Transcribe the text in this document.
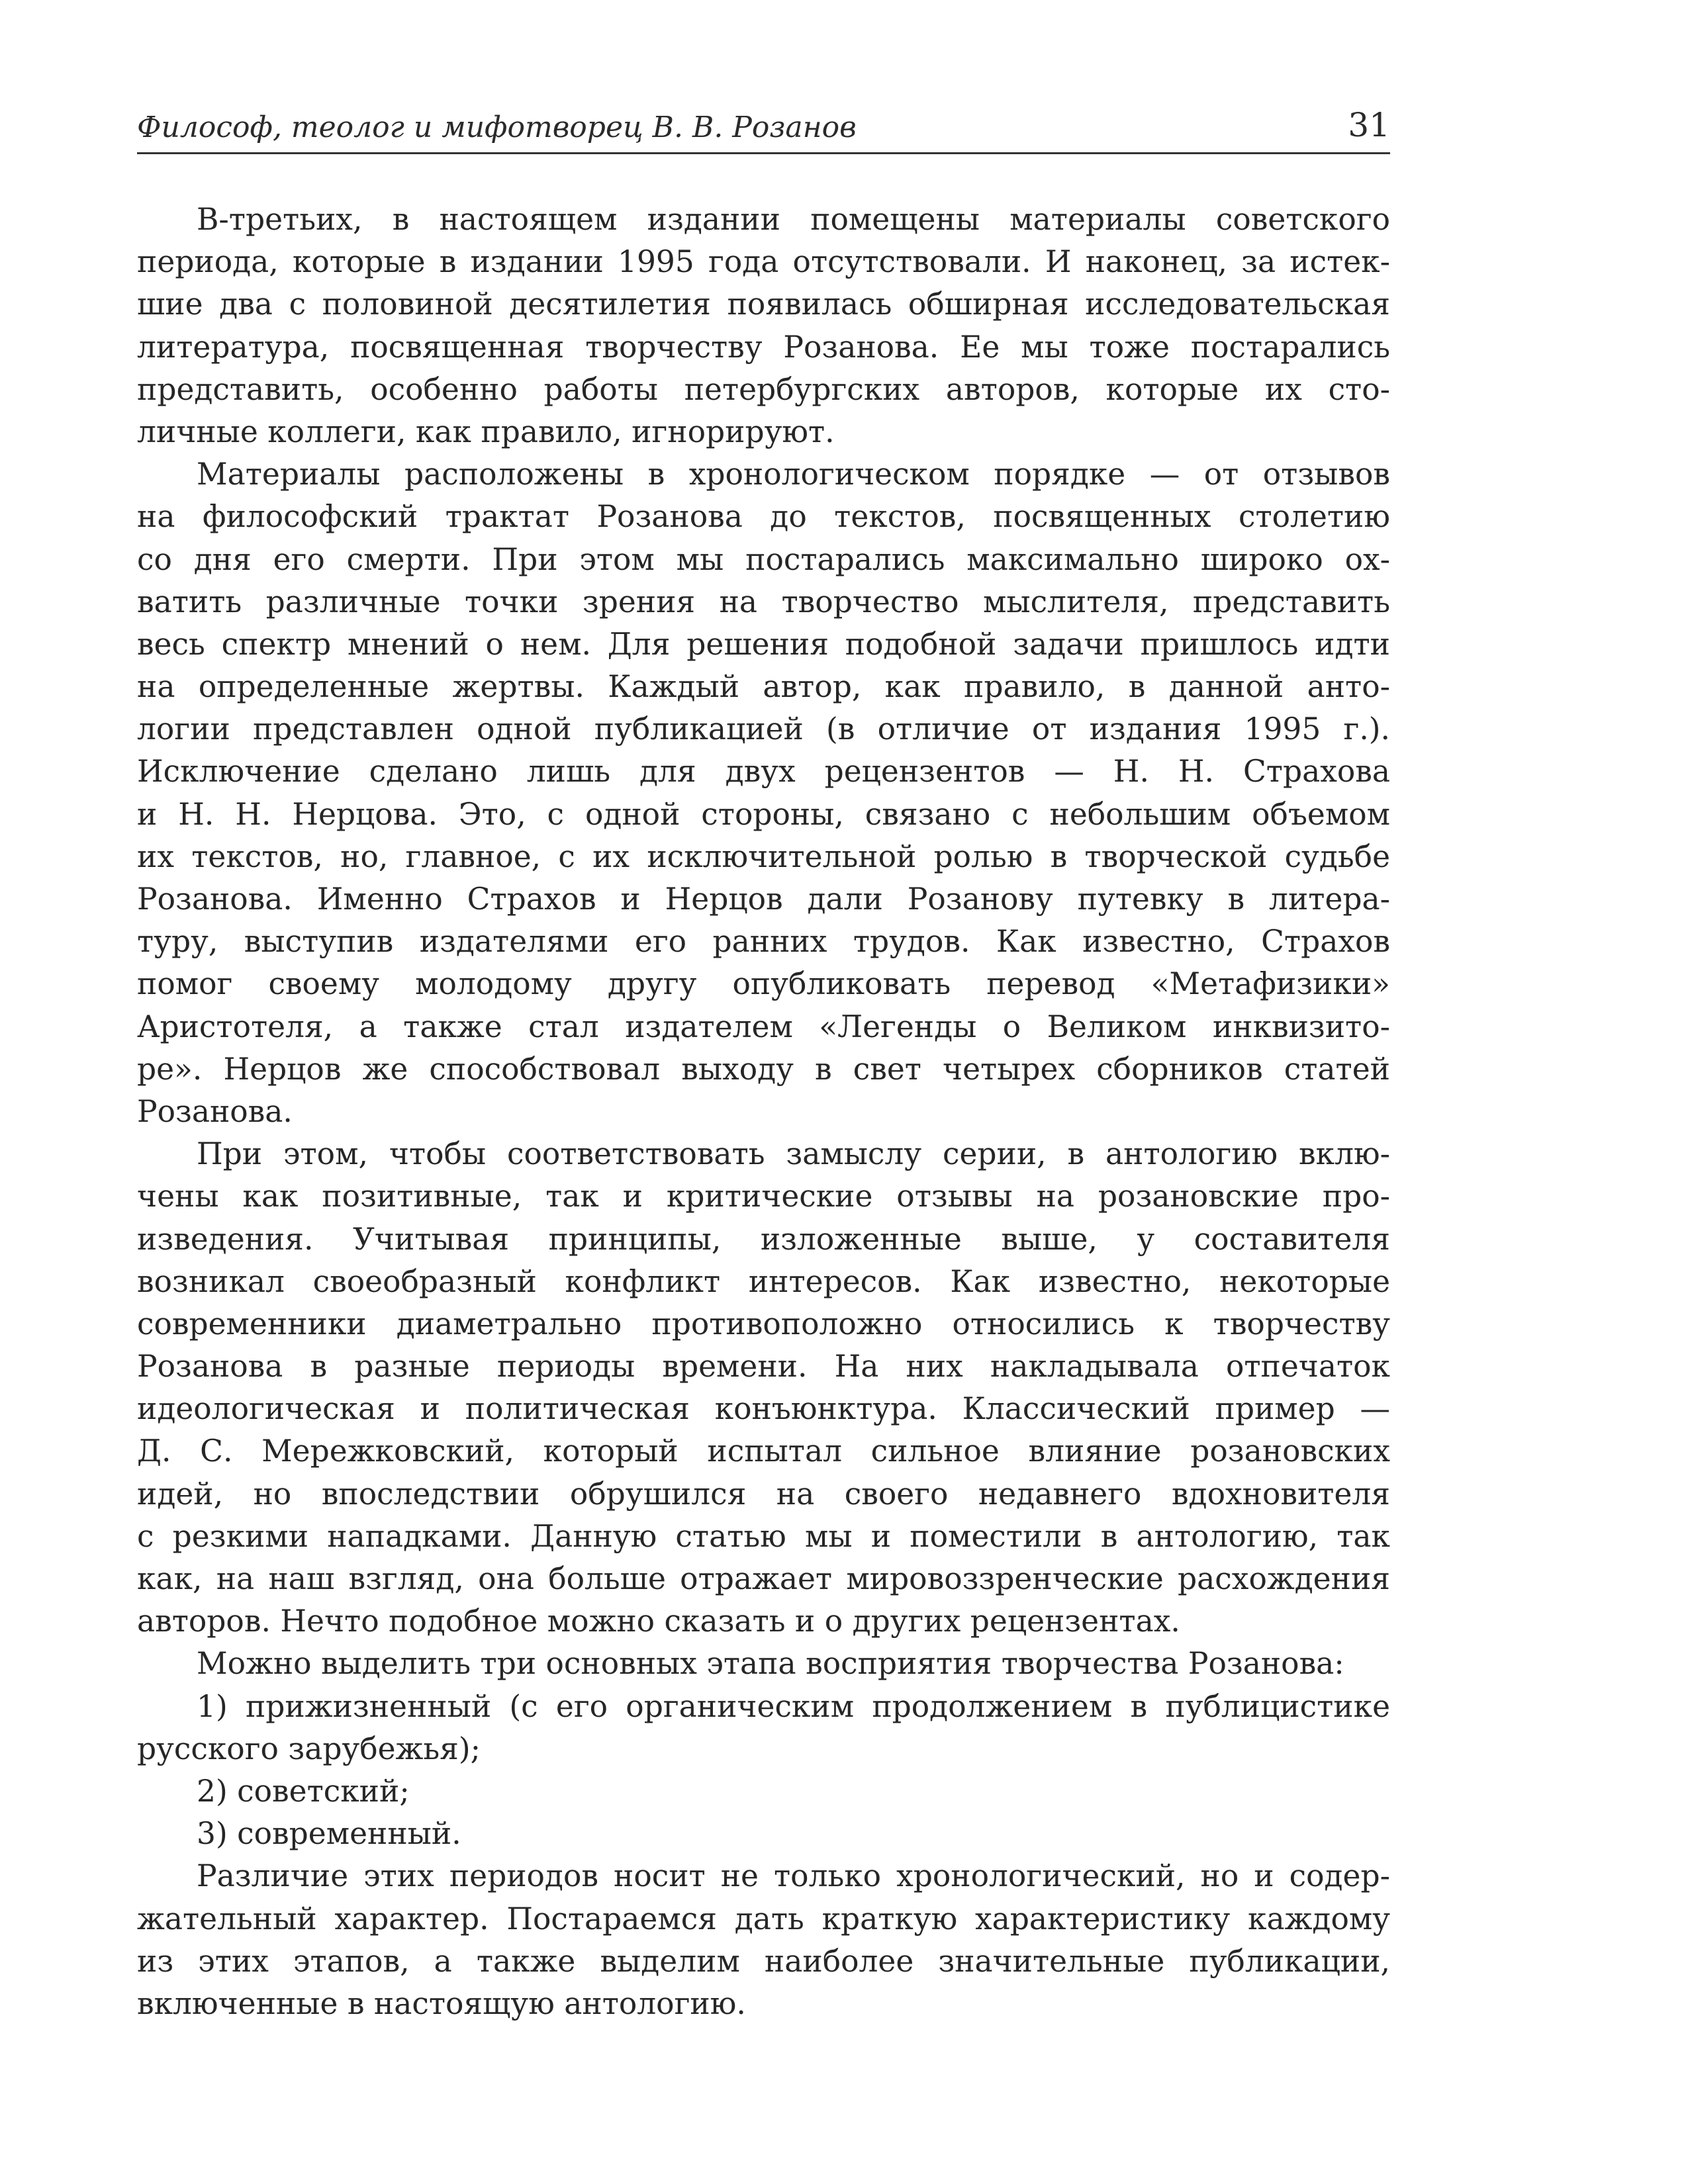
Философ, теолог и мифотворец В. В. Розанов	31
В-третьих, в настоящем издании помещены материалы советского
периода, которые в издании 1995 года отсутствовали. И наконец, за истек-
шие два с половиной десятилетия появилась обширная исследовательская
литература, посвященная творчеству Розанова. Ее мы тоже постарались
представить, особенно работы петербургских авторов, которые их сто-
личные коллеги, как правило, игнорируют.
Материалы расположены в хронологическом порядке — от отзывов
на философский трактат Розанова до текстов, посвященных столетию
со дня его смерти. При этом мы постарались максимально широко ох-
ватить различные точки зрения на творчество мыслителя, представить
весь спектр мнений о нем. Для решения подобной задачи пришлось идти
на определенные жертвы. Каждый автор, как правило, в данной анто-
логии представлен одной публикацией (в отличие от издания 1995 г.).
Исключение сделано лишь для двух рецензентов — Н. Н. Страхова
и Н. Н. Нерцова. Это, с одной стороны, связано с небольшим объемом
их текстов, но, главное, с их исключительной ролью в творческой судьбе
Розанова. Именно Страхов и Нерцов дали Розанову путевку в литера-
туру, выступив издателями его ранних трудов. Как известно, Страхов
помог своему молодому другу опубликовать перевод «Метафизики»
Аристотеля, а также стал издателем «Легенды о Великом инквизито-
ре». Нерцов же способствовал выходу в свет четырех сборников статей
Розанова.
При этом, чтобы соответствовать замыслу серии, в антологию вклю-
чены как позитивные, так и критические отзывы на розановские про-
изведения. Учитывая принципы, изложенные выше, у составителя
возникал своеобразный конфликт интересов. Как известно, некоторые
современники диаметрально противоположно относились к творчеству
Розанова в разные периоды времени. На них накладывала отпечаток
идеологическая и политическая конъюнктура. Классический пример —
Д. С. Мережковский, который испытал сильное влияние розановских
идей, но впоследствии обрушился на своего недавнего вдохновителя
с резкими нападками. Данную статью мы и поместили в антологию, так
как, на наш взгляд, она больше отражает мировоззренческие расхождения
авторов. Нечто подобное можно сказать и о других рецензентах.
Можно выделить три основных этапа восприятия творчества Розанова:
1) прижизненный (с его органическим продолжением в публицистике
русского зарубежья);
2) советский;
3) современный.
Различие этих периодов носит не только хронологический, но и содер-
жательный характер. Постараемся дать краткую характеристику каждому
из этих этапов, а также выделим наиболее значительные публикации,
включенные в настоящую антологию.
